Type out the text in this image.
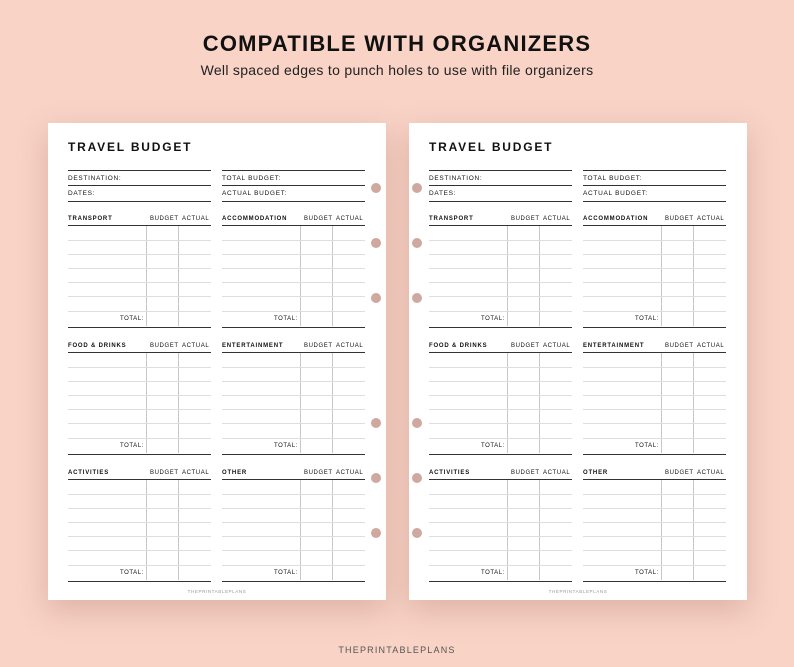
COMPATIBLE WITH ORGANIZERS
Well spaced edges to punch holes to use with file organizers
TRAVEL BUDGET
DESTINATION:
DATES:
TOTAL BUDGET:
ACTUAL BUDGET:
TRANSPORT	BUDGET ACTUAL
TOTAL:
ACCOMMODATION	BUDGET ACTUAL
TOTAL:
FOOD & DRINKS	BUDGET ACTUAL
TOTAL:
ENTERTAINMENT	BUDGET ACTUAL
TOTAL:
ACTIVITIES	BUDGET ACTUAL
TOTAL:
OTHER	BUDGET ACTUAL
TOTAL:
THEPRINTABLEPLANS
TRAVEL BUDGET
DESTINATION:
DATES:
TOTAL BUDGET:
ACTUAL BUDGET:
TRANSPORT	BUDGET ACTUAL
TOTAL:
ACCOMMODATION	BUDGET ACTUAL
TOTAL:
FOOD & DRINKS	BUDGET ACTUAL
TOTAL:
ENTERTAINMENT	BUDGET ACTUAL
TOTAL:
ACTIVITIES	BUDGET ACTUAL
TOTAL:
OTHER	BUDGET ACTUAL
TOTAL:
THEPRINTABLEPLANS
THEPRINTABLEPLANS
